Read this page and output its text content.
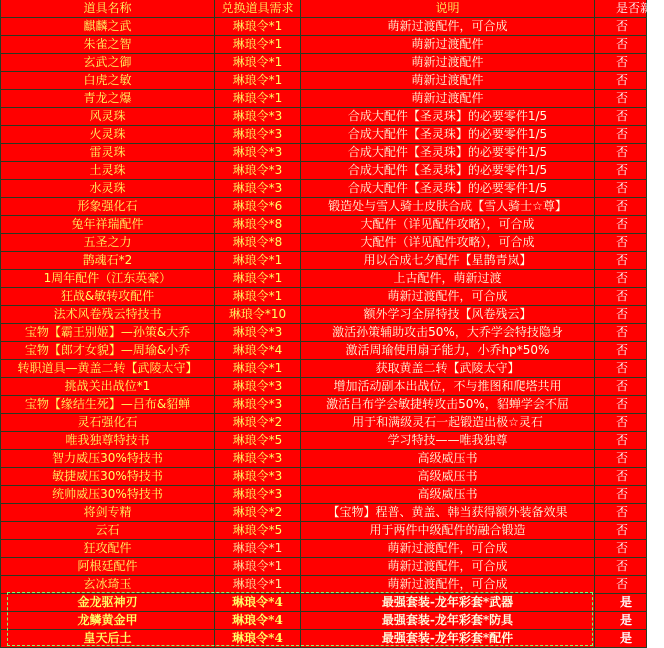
道具名称	兑换道具需求	说明	是否新增
麒麟之武	琳琅令*1	萌新过渡配件，可合成	否
朱雀之智	琳琅令*1	萌新过渡配件	否
玄武之御	琳琅令*1	萌新过渡配件	否
白虎之敏	琳琅令*1	萌新过渡配件	否
青龙之爆	琳琅令*1	萌新过渡配件	否
风灵珠	琳琅令*3	合成大配件【圣灵珠】的必要零件1/5	否
火灵珠	琳琅令*3	合成大配件【圣灵珠】的必要零件1/5	否
雷灵珠	琳琅令*3	合成大配件【圣灵珠】的必要零件1/5	否
土灵珠	琳琅令*3	合成大配件【圣灵珠】的必要零件1/5	否
水灵珠	琳琅令*3	合成大配件【圣灵珠】的必要零件1/5	否
形象强化石	琳琅令*6	锻造处与雪人骑士皮肤合成【雪人骑士☆尊】	否
兔年祥瑞配件	琳琅令*8	大配件（详见配件攻略），可合成	否
五圣之力	琳琅令*8	大配件（详见配件攻略），可合成	否
鹊魂石*2	琳琅令*1	用以合成七夕配件【星鹊青岚】	否
1周年配件（江东英豪）	琳琅令*1	上古配件，萌新过渡	否
狂战&敏转攻配件	琳琅令*1	萌新过渡配件，可合成	否
法术风卷残云特技书	琳琅令*10	额外学习全屏特技【风卷残云】	否
宝物【霸王别姬】—孙策&大乔	琳琅令*3	激活孙策辅助攻击50%，大乔学会特技隐身	否
宝物【郎才女貌】—周瑜&小乔	琳琅令*4	激活周瑜使用扇子能力，小乔hp*50%	否
转职道具—黄盖二转【武陵太守】	琳琅令*1	获取黄盖二转【武陵太守】	否
挑战关出战位*1	琳琅令*3	增加活动副本出战位，不与推图和爬塔共用	否
宝物【缘结生死】—吕布&貂蝉	琳琅令*3	激活吕布学会敏捷转攻击50%，貂蝉学会不屈	否
灵石强化石	琳琅令*2	用于和满级灵石一起锻造出极☆灵石	否
唯我独尊特技书	琳琅令*5	学习特技——唯我独尊	否
智力威压30%特技书	琳琅令*3	高级威压书	否
敏捷威压30%特技书	琳琅令*3	高级威压书	否
统帅威压30%特技书	琳琅令*3	高级威压书	否
将剑专精	琳琅令*2	【宝物】程普、黄盖、韩当获得额外装备效果	否
云石	琳琅令*5	用于两件中级配件的融合锻造	否
狂攻配件	琳琅令*1	萌新过渡配件，可合成	否
阿根廷配件	琳琅令*1	萌新过渡配件，可合成	否
玄冰琦玉	琳琅令*1	萌新过渡配件，可合成	否
金龙驱神刃	琳琅令*4	最强套装-龙年彩套*武器	是
龙鳞黄金甲	琳琅令*4	最强套装-龙年彩套*防具	是
皇天后土	琳琅令*4	最强套装-龙年彩套*配件	是
